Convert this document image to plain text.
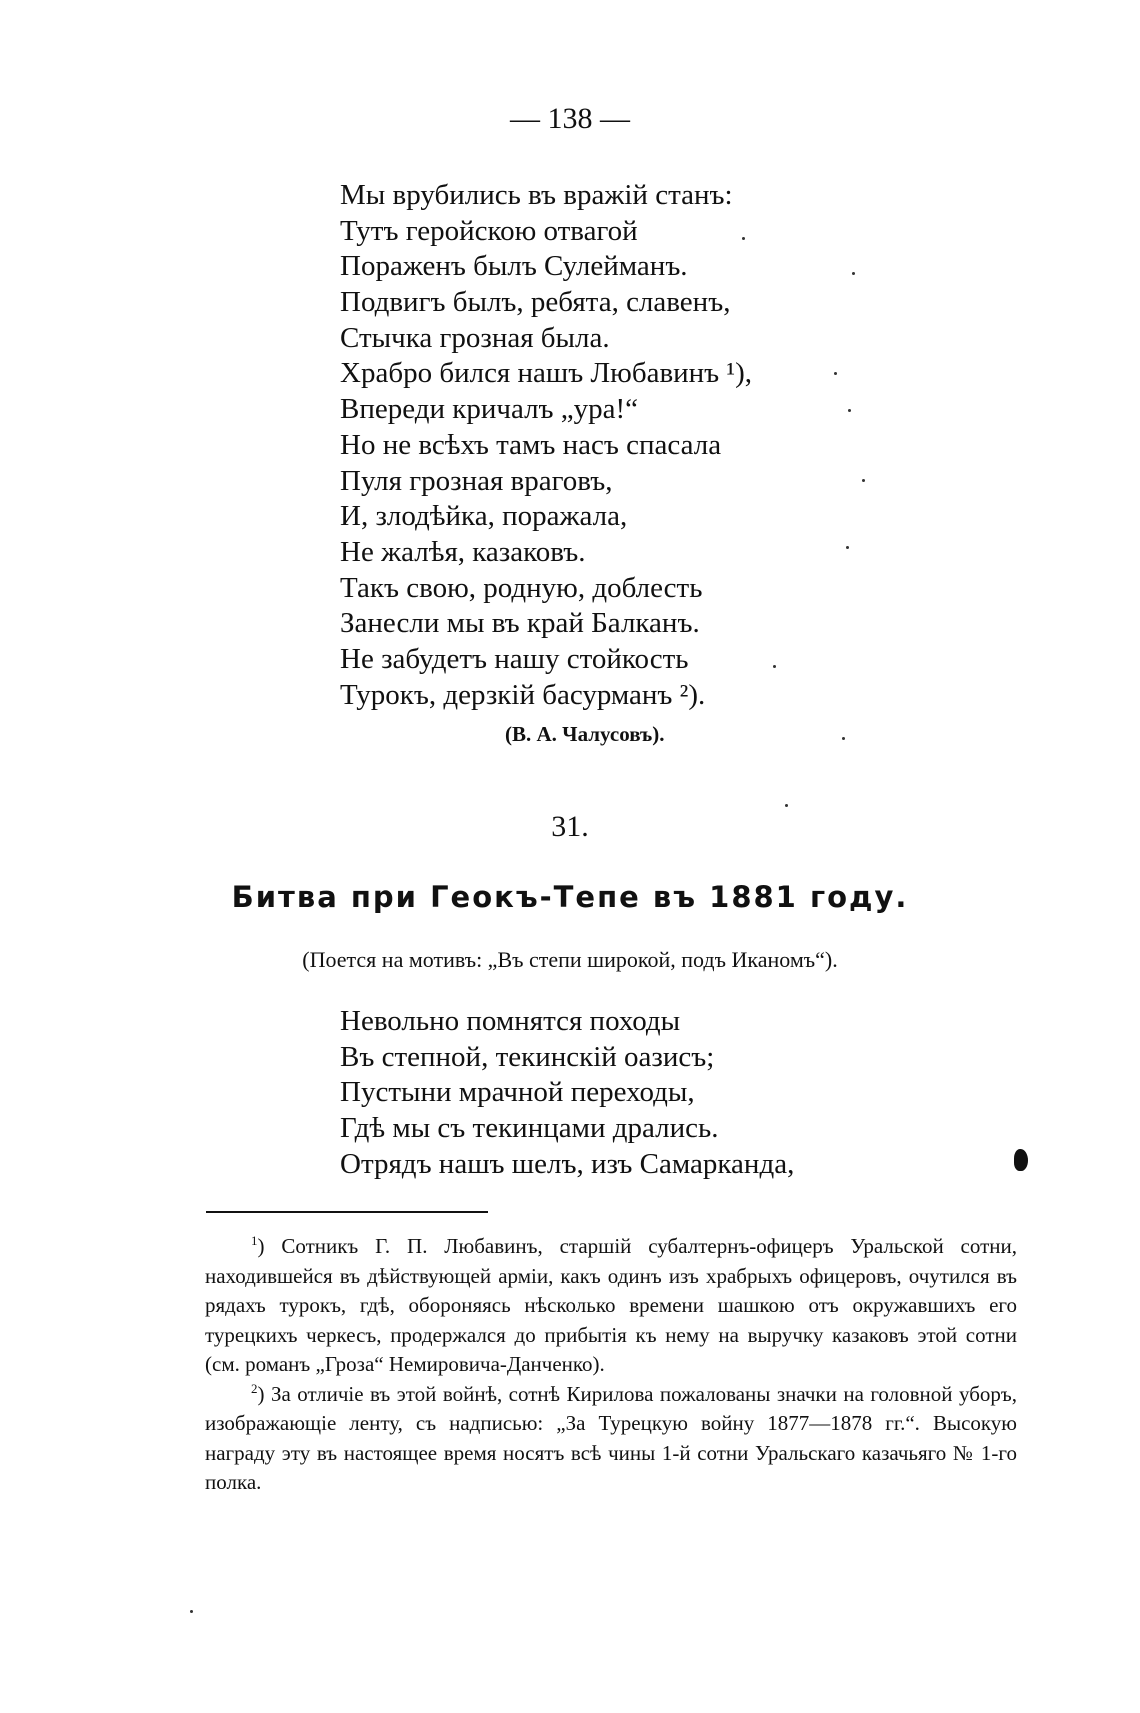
— 138 —
Мы врубились въ вражій станъ:
Тутъ геройскою отвагой
Пораженъ былъ Сулейманъ.
Подвигъ былъ, ребята, славенъ,
Стычка грозная была.
Храбро бился нашъ Любавинъ ¹),
Впереди кричалъ „ура!“
Но не всѣхъ тамъ насъ спасала
Пуля грозная враговъ,
И, злодѣйка, поражала,
Не жалѣя, казаковъ.
Такъ свою, родную, доблесть
Занесли мы въ край Балканъ.
Не забудетъ нашу стойкость
Турокъ, дерзкій басурманъ ²).
(В. А. Чалусовъ).
31.
Битва при Геокъ-Тепе въ 1881 году.
(Поется на мотивъ: „Въ степи широкой, подъ Иканомъ“).
Невольно помнятся походы
Въ степной, текинскій оазисъ;
Пустыни мрачной переходы,
Гдѣ мы съ текинцами дрались.
Отрядъ нашъ шелъ, изъ Самарканда,

$^1$) Сотникъ Г. П. Любавинъ, старшій субалтернъ-офицеръ Уральской сотни, находившейся въ дѣйствующей арміи, какъ одинъ изъ храбрыхъ офицеровъ, очутился въ рядахъ турокъ, гдѣ, обороняясь нѣсколько времени шашкою отъ окружавшихъ его турецкихъ черкесъ, продержался до прибытія къ нему на выручку казаковъ этой сотни (см. романъ „Гроза“ Немировича-Данченко).

$^2$) За отличіе въ этой войнѣ, сотнѣ Кирилова пожалованы значки на головной уборъ, изображающіе ленту, съ надписью: „За Турецкую войну 1877—1878 гг.“. Высокую награду эту въ настоящее время носятъ всѣ чины 1-й сотни Уральскаго казачьяго № 1-го полка.
